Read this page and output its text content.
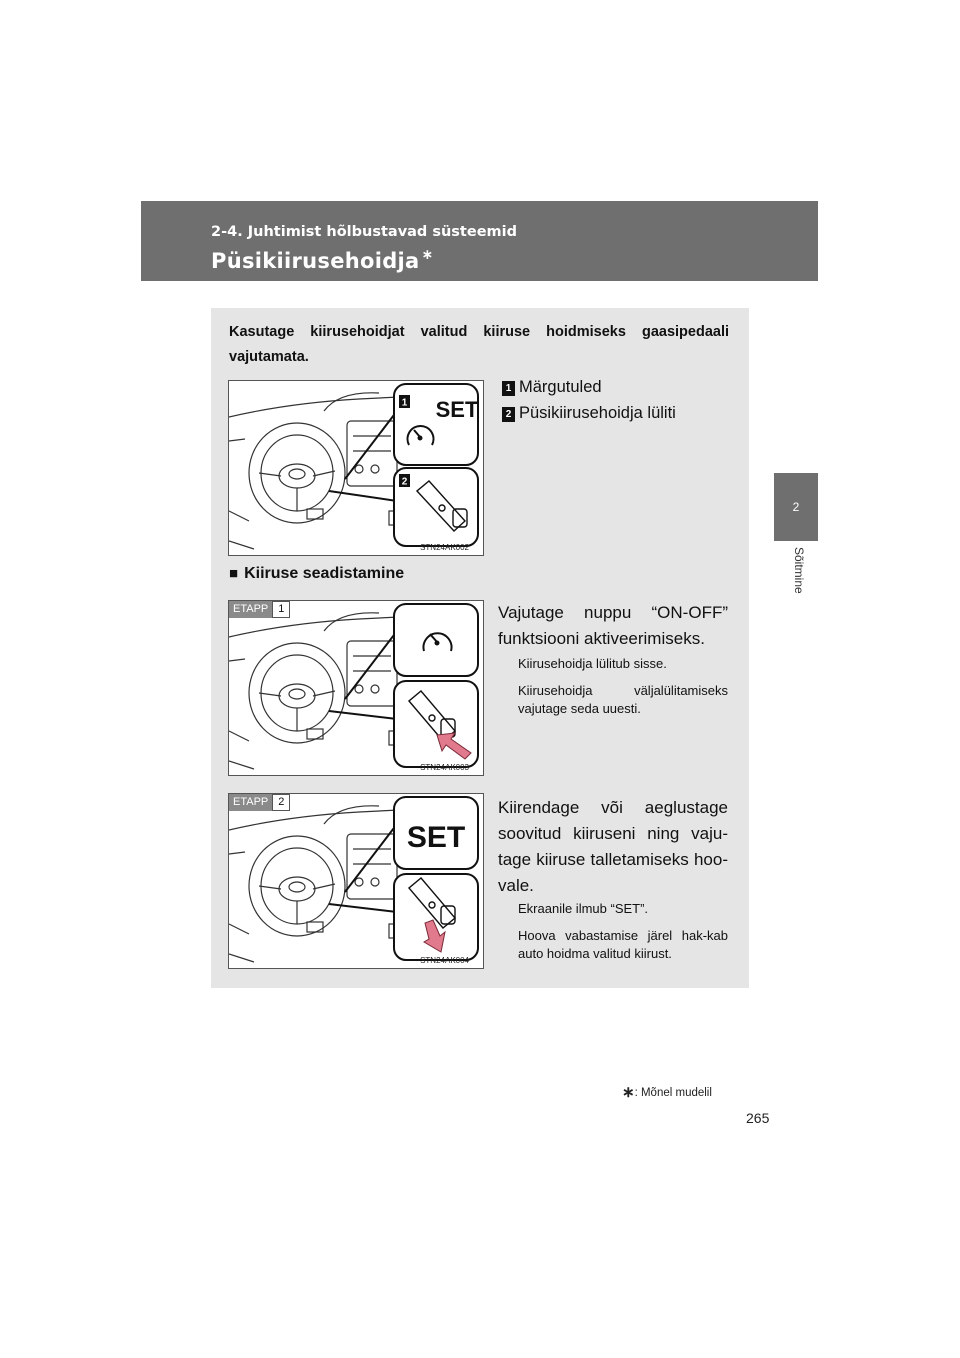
2-4. Juhtimist hõlbustavad süsteemid
Püsikiirusehoidja ∗
2
Sõitmine
Kasutage kiirusehoidjat valitud kiiruse hoidmiseks gaasipedaali vajutamata.
1 SET
2
STN24AK002
1 Märgutuled
2 Püsikiirusehoidja lüliti
■ Kiiruse seadistamine
ETAPP 1
STN24AK003
Vajutage nuppu “ON-OFF” funktsiooni aktiveerimiseks.
Kiirusehoidja lülitub sisse.
Kiirusehoidja väljalülitamiseks vajutage seda uuesti.
SET
ETAPP 2
STN24AK004
Kiirendage või aeglustage soovitud kiiruseni ning vaju-tage kiiruse talletamiseks hoo-vale.
Ekraanile ilmub “SET”.
Hoova vabastamise järel hak-kab auto hoidma valitud kiirust.
∗: Mõnel mudelil
265
